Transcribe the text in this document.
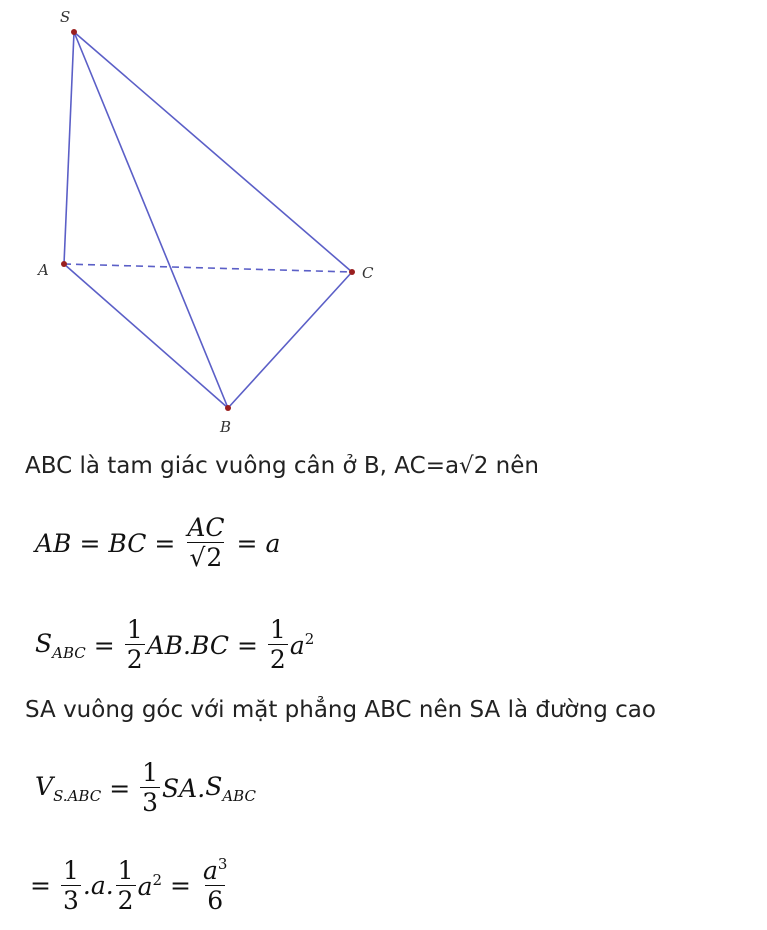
S
A
B
C
ABC là tam giác vuông cân ở B, AC=a√2 nên
AB = BC = $\frac{AC}{√2} = a$
$S_{ABC} = \frac{1}{2} AB.BC = \frac{1}{2} a^2$
SA vuông góc với mặt phẳng ABC nên SA là đường cao
$V_{S.ABC} = \frac{1}{3} SA.S_{ABC}$
= $\frac{1}{3} .a$. $\frac{1}{2} a^2 = \frac{a^3}{6}$
